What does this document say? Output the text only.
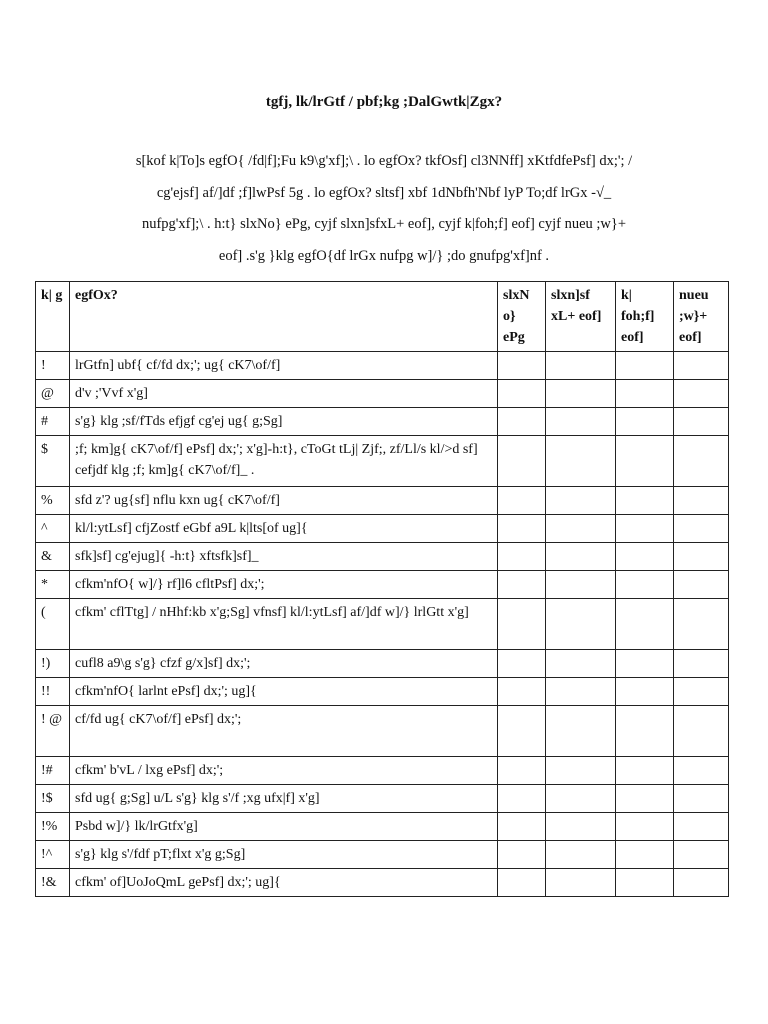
tgfj, lk/lrGtf / pbf;kg ;DalGwtk|Zgx?
s[kof k|To]s egfO{ /fd|f];Fu k9\g'xf];\ . lo egfOx? tkfOsf] cl3NNff] xKtfdfePsf] dx;'; /
cg'ejsf] af/]df ;f]lwPsf 5g . lo egfOx? sltsf] xbf 1dNbfh'Nbf lyP To;df lrGx -√_
nufpg'xf];\ . h:t} slxNo} ePg, cyjf slxn]sfxL+ eof], cyjf k|foh;f] eof] cyjf nueu ;w}+
eof] .s'g }klg egfO{df lrGx nufpg w]/} ;do gnufpg'xf]nf .
k| g	egfOx?	slxN o} ePg	slxn]sf xL+ eof]	k| foh;f] eof]	nueu ;w}+ eof]
!	lrGtfn] ubf{ cf/fd dx;'; ug{ cK7\of/f]				
@	d'v ;'Vvf x'g]				
#	s'g} klg ;sf/fTds efjgf cg'ej ug{ g;Sg]				
$	;f; km]g{ cK7\of/f] ePsf] dx;'; x'g]-h:t}, cToGt tLj| Zjf;, zf/Ll/s kl/>d sf] cefjdf klg ;f; km]g{ cK7\of/f]_ .				
%	sfd z'? ug{sf] nflu kxn ug{ cK7\of/f]				
^	kl/l:ytLsf] cfjZostf eGbf a9L k|lts[of ug]{				
&	sfk]sf] cg'ejug]{ -h:t} xftsfk]sf]_				
*	cfkm'nfO{ w]/} rf]l6 cfltPsf] dx;';				
(	cfkm' cflTtg] / nHhf:kb x'g;Sg] vfnsf] kl/l:ytLsf] af/]df w]/} lrlGtt x'g]				
!)	cufl8 a9\g s'g} cfzf g/x]sf] dx;';				
!!	cfkm'nfO{ larlnt ePsf] dx;'; ug]{				
! @	cf/fd ug{ cK7\of/f] ePsf] dx;';				
!#	cfkm' b'vL / lxg ePsf] dx;';				
!$	sfd ug{ g;Sg] u/L s'g} klg s'/f ;xg ufx|f] x'g]				
!%	Psbd w]/} lk/lrGtfx'g]				
!^	s'g} klg s'/fdf pT;flxt x'g g;Sg]				
!&	cfkm' of]UoJoQmL gePsf] dx;'; ug]{				
